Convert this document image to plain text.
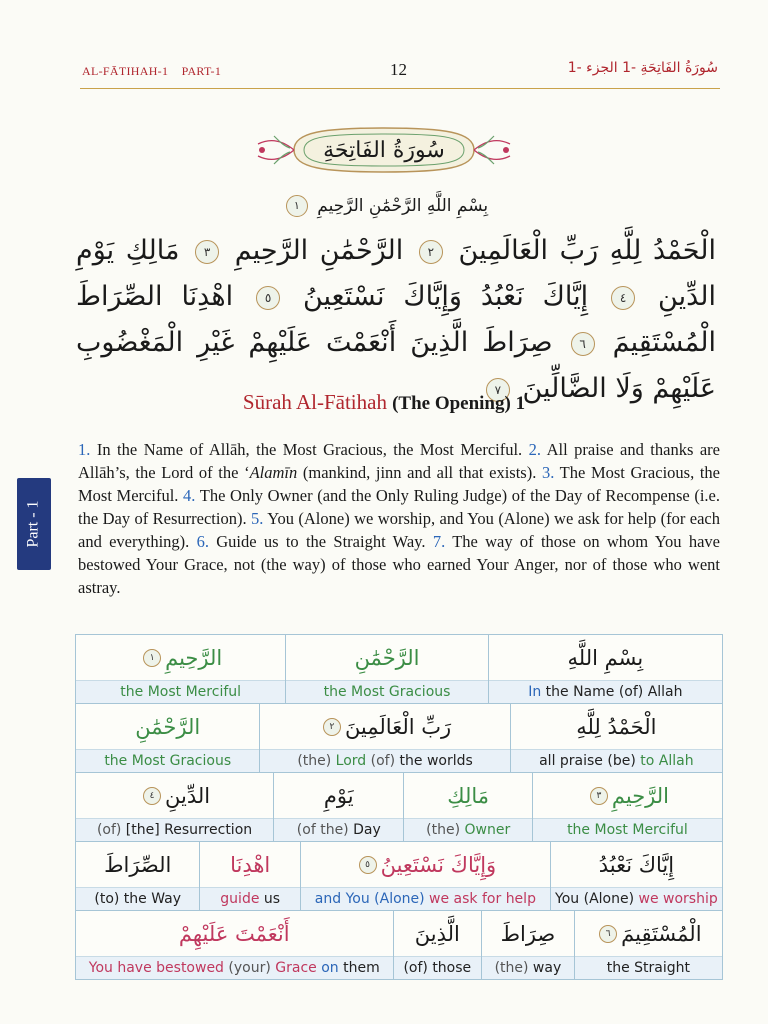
AL-FĀTIHAH-1 PART-1	12	سُورَةُ الفَاتِحَةِ -1 الجزء -1
Part - 1
سُورَةُ الفَاتِحَةِ
بِسْمِ اللَّهِ الرَّحْمَٰنِ الرَّحِيمِ ١
الْحَمْدُ لِلَّهِ رَبِّ الْعَالَمِينَ ٢ الرَّحْمَٰنِ الرَّحِيمِ ٣ مَالِكِ يَوْمِ الدِّينِ ٤ إِيَّاكَ نَعْبُدُ وَإِيَّاكَ نَسْتَعِينُ ٥ اهْدِنَا الصِّرَاطَ الْمُسْتَقِيمَ ٦ صِرَاطَ الَّذِينَ أَنْعَمْتَ عَلَيْهِمْ غَيْرِ الْمَغْضُوبِ عَلَيْهِمْ وَلَا الضَّالِّينَ ٧
Sūrah Al-Fātihah (The Opening) 1
1. In the Name of Allāh, the Most Gracious, the Most Merciful. 2. All praise and thanks are Allāh’s, the Lord of the ‘Alamīn (mankind, jinn and all that exists). 3. The Most Gracious, the Most Merciful. 4. The Only Owner (and the Only Ruling Judge) of the Day of Recompense (i.e. the Day of Resurrection). 5. You (Alone) we worship, and You (Alone) we ask for help (for each and everything). 6. Guide us to the Straight Way. 7. The way of those on whom You have bestowed Your Grace, not (the way) of those who earned Your Anger, nor of those who went astray.
بِسْمِ اللَّهِ
In the Name (of) Allah
الرَّحْمَٰنِ
the Most Gracious
الرَّحِيمِ
١
the Most Merciful
الْحَمْدُ لِلَّهِ
all praise (be) to Allah
رَبِّ الْعَالَمِينَ
٢
(the) Lord (of) the worlds
الرَّحْمَٰنِ
the Most Gracious
الرَّحِيمِ
٣
the Most Merciful
مَالِكِ
(the) Owner
يَوْمِ
(of the) Day
الدِّينِ
٤
(of) [the] Resurrection
إِيَّاكَ نَعْبُدُ
You (Alone) we worship
وَإِيَّاكَ نَسْتَعِينُ
٥
and You (Alone) we ask for help
اهْدِنَا
guide us
الصِّرَاطَ
(to) the Way
الْمُسْتَقِيمَ
٦
the Straight
صِرَاطَ
(the) way
الَّذِينَ
(of) those
أَنْعَمْتَ عَلَيْهِمْ
You have bestowed (your) Grace on them
